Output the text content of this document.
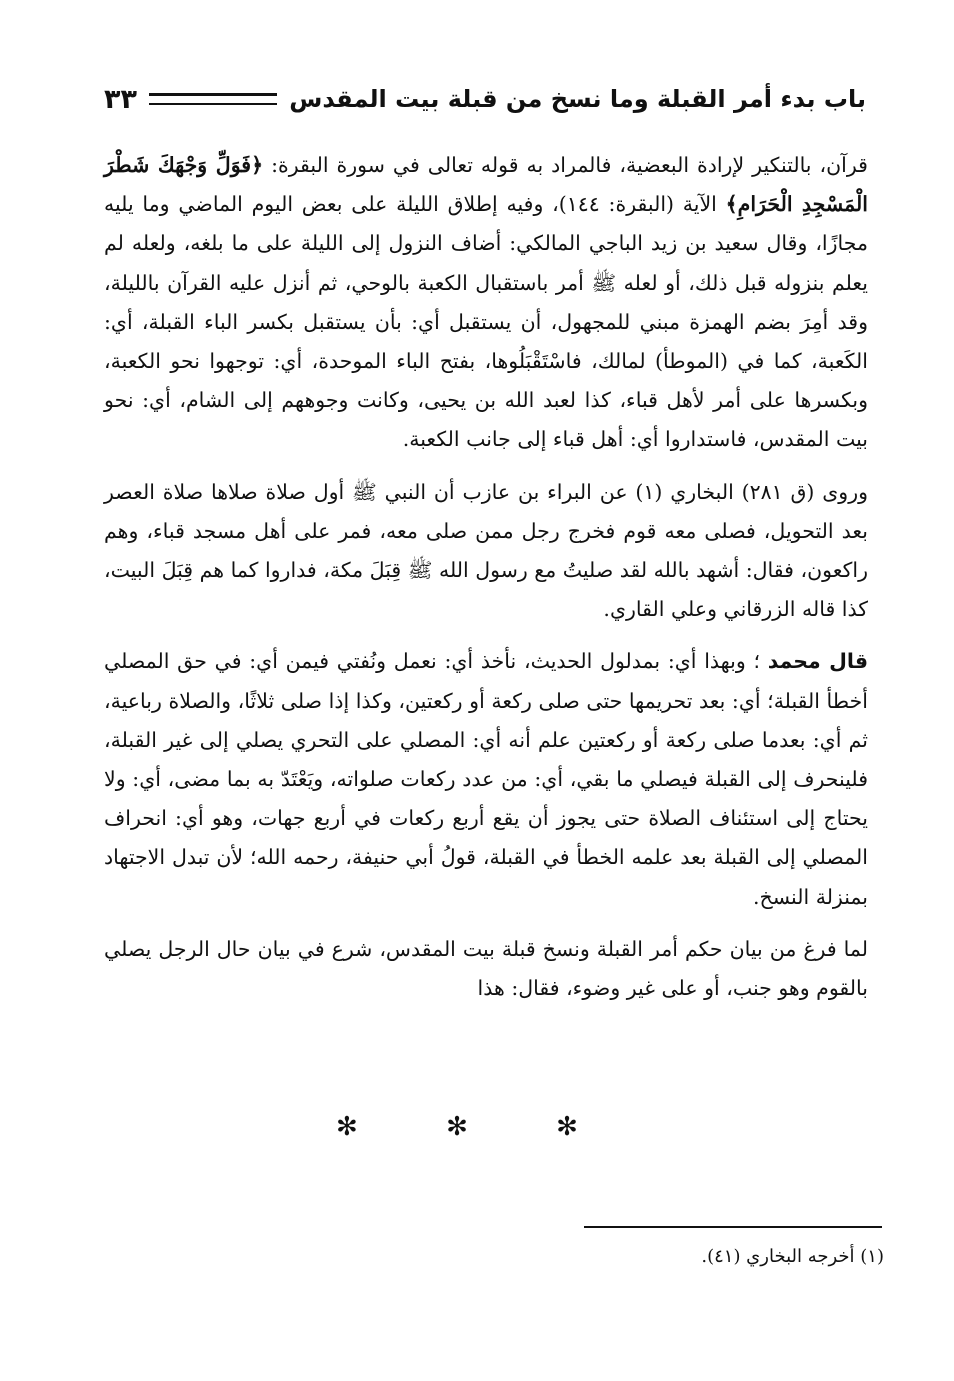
باب بدء أمر القبلة وما نسخ من قبلة بيت المقدس
٣٣

قرآن، بالتنكير لإرادة البعضية، فالمراد به قوله تعالى في سورة البقرة: ﴿فَوَلِّ وَجْهَكَ شَطْرَ الْمَسْجِدِ الْحَرَامِ﴾ الآية (البقرة: ١٤٤)، وفيه إطلاق الليلة على بعض اليوم الماضي وما يليه مجازًا، وقال سعيد بن زيد الباجي المالكي: أضاف النزول إلى الليلة على ما بلغه، ولعله لم يعلم بنزوله قبل ذلك، أو لعله ﷺ أمر باستقبال الكعبة بالوحي، ثم أنزل عليه القرآن بالليلة، وقد أمِرَ بضم الهمزة مبني للمجهول، أن يستقبل أي: بأن يستقبل بكسر الباء القبلة، أي: الكَعبة، كما في (الموطأ) لمالك، فاسْتَقْبَلُوها، بفتح الباء الموحدة، أي: توجهوا نحو الكعبة، وبكسرها على أمر لأهل قباء، كذا لعبد الله بن يحيى، وكانت وجوههم إلى الشام، أي: نحو بيت المقدس، فاستداروا أي: أهل قباء إلى جانب الكعبة.

وروى (ق ٢٨١) البخاري (١) عن البراء بن عازب أن النبي ﷺ أول صلاة صلاها صلاة العصر بعد التحويل، فصلى معه قوم فخرج رجل ممن صلى معه، فمر على أهل مسجد قباء، وهم راكعون، فقال: أشهد بالله لقد صليتُ مع رسول الله ﷺ قِبَلَ مكة، فداروا كما هم قِبَلَ البيت، كذا قاله الزرقاني وعلي القاري.

قال محمد ؛ وبهذا أي: بمدلول الحديث، نأخذ أي: نعمل ونُفتي فيمن أي: في حق المصلي أخطأ القبلة؛ أي: بعد تحريمها حتى صلى ركعة أو ركعتين، وكذا إذا صلى ثلاثًا، والصلاة رباعية، ثم أي: بعدما صلى ركعة أو ركعتين علم أنه أي: المصلي على التحري يصلي إلى غير القبلة، فلينحرف إلى القبلة فيصلي ما بقي، أي: من عدد ركعات صلواته، ويَعْتَدّ به بما مضى، أي: ولا يحتاج إلى استئناف الصلاة حتى يجوز أن يقع أربع ركعات في أربع جهات، وهو أي: انحراف المصلي إلى القبلة بعد علمه الخطأ في القبلة، قولُ أبي حنيفة، رحمه الله؛ لأن تبدل الاجتهاد بمنزلة النسخ.

لما فرغ من بيان حكم أمر القبلة ونسخ قبلة بيت المقدس، شرع في بيان حال الرجل يصلي بالقوم وهو جنب، أو على غير وضوء، فقال: هذا

✻ ✻ ✻
(١) أخرجه البخاري (٤١).
